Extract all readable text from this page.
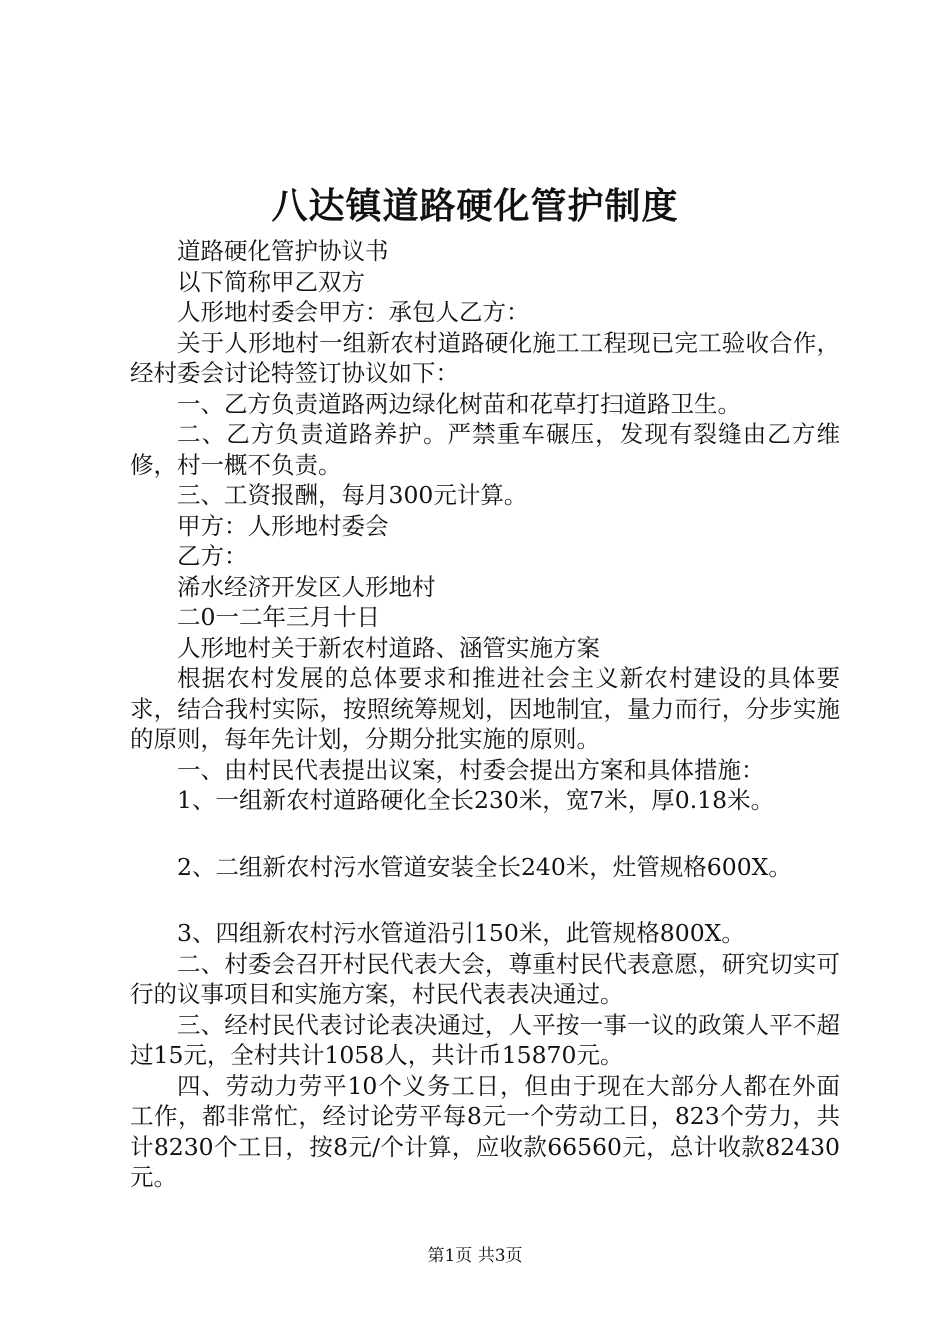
八达镇道路硬化管护制度

道路硬化管护协议书

以下简称甲乙双方

人形地村委会甲方：承包人乙方：

关于人形地村一组新农村道路硬化施工工程现已完工验收合作，经村委会讨论特签订协议如下：

一、乙方负责道路两边绿化树苗和花草打扫道路卫生。

二、乙方负责道路养护。严禁重车碾压，发现有裂缝由乙方维修，村一概不负责。

三、工资报酬，每月300元计算。

甲方：人形地村委会

乙方：

浠水经济开发区人形地村

二0一二年三月十日

人形地村关于新农村道路、涵管实施方案

根据农村发展的总体要求和推进社会主义新农村建设的具体要求，结合我村实际，按照统筹规划，因地制宜，量力而行，分步实施的原则，每年先计划，分期分批实施的原则。

一、由村民代表提出议案，村委会提出方案和具体措施：

1、一组新农村道路硬化全长230米，宽7米，厚0.18米。

2、二组新农村污水管道安装全长240米，灶管规格600X。

3、四组新农村污水管道沿引150米，此管规格800X。

二、村委会召开村民代表大会，尊重村民代表意愿，研究切实可行的议事项目和实施方案，村民代表表决通过。

三、经村民代表讨论表决通过，人平按一事一议的政策人平不超过15元，全村共计1058人，共计币15870元。

四、劳动力劳平10个义务工日，但由于现在大部分人都在外面工作，都非常忙，经讨论劳平每8元一个劳动工日，823个劳力，共计8230个工日，按8元/个计算，应收款66560元，总计收款82430元。

第1页 共3页
